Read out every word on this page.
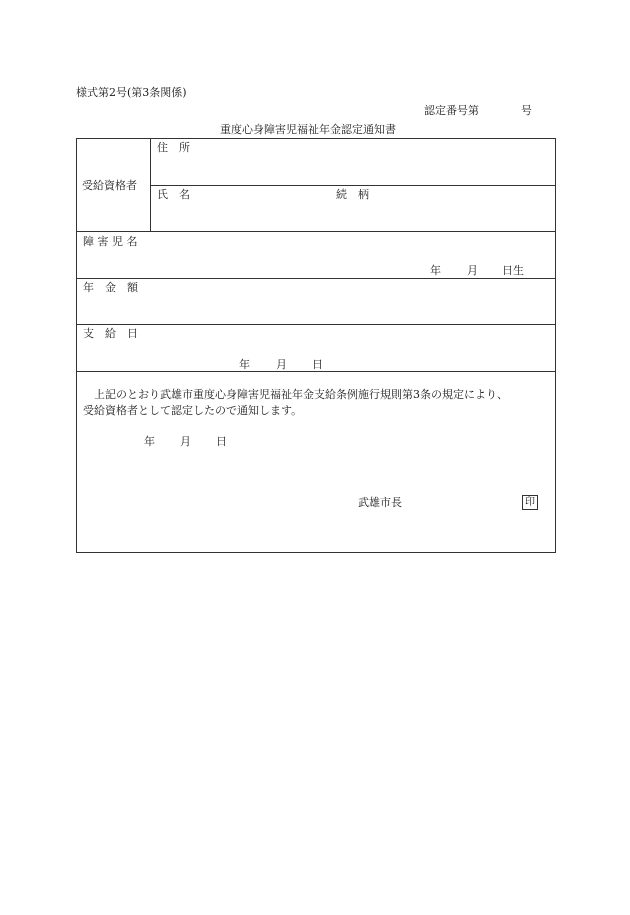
様式第2号(第3条関係)
認定番号第	号
重度心身障害児福祉年金認定通知書
受給資格者
住　所
氏　名	続　柄
障 害 児 名
年 月 日生
年　金　額
支　給　日
年 月 日
上記のとおり武雄市重度心身障害児福祉年金支給条例施行規則第3条の規定により、
受給資格者として認定したので通知します。
年 月 日
武雄市長	印
